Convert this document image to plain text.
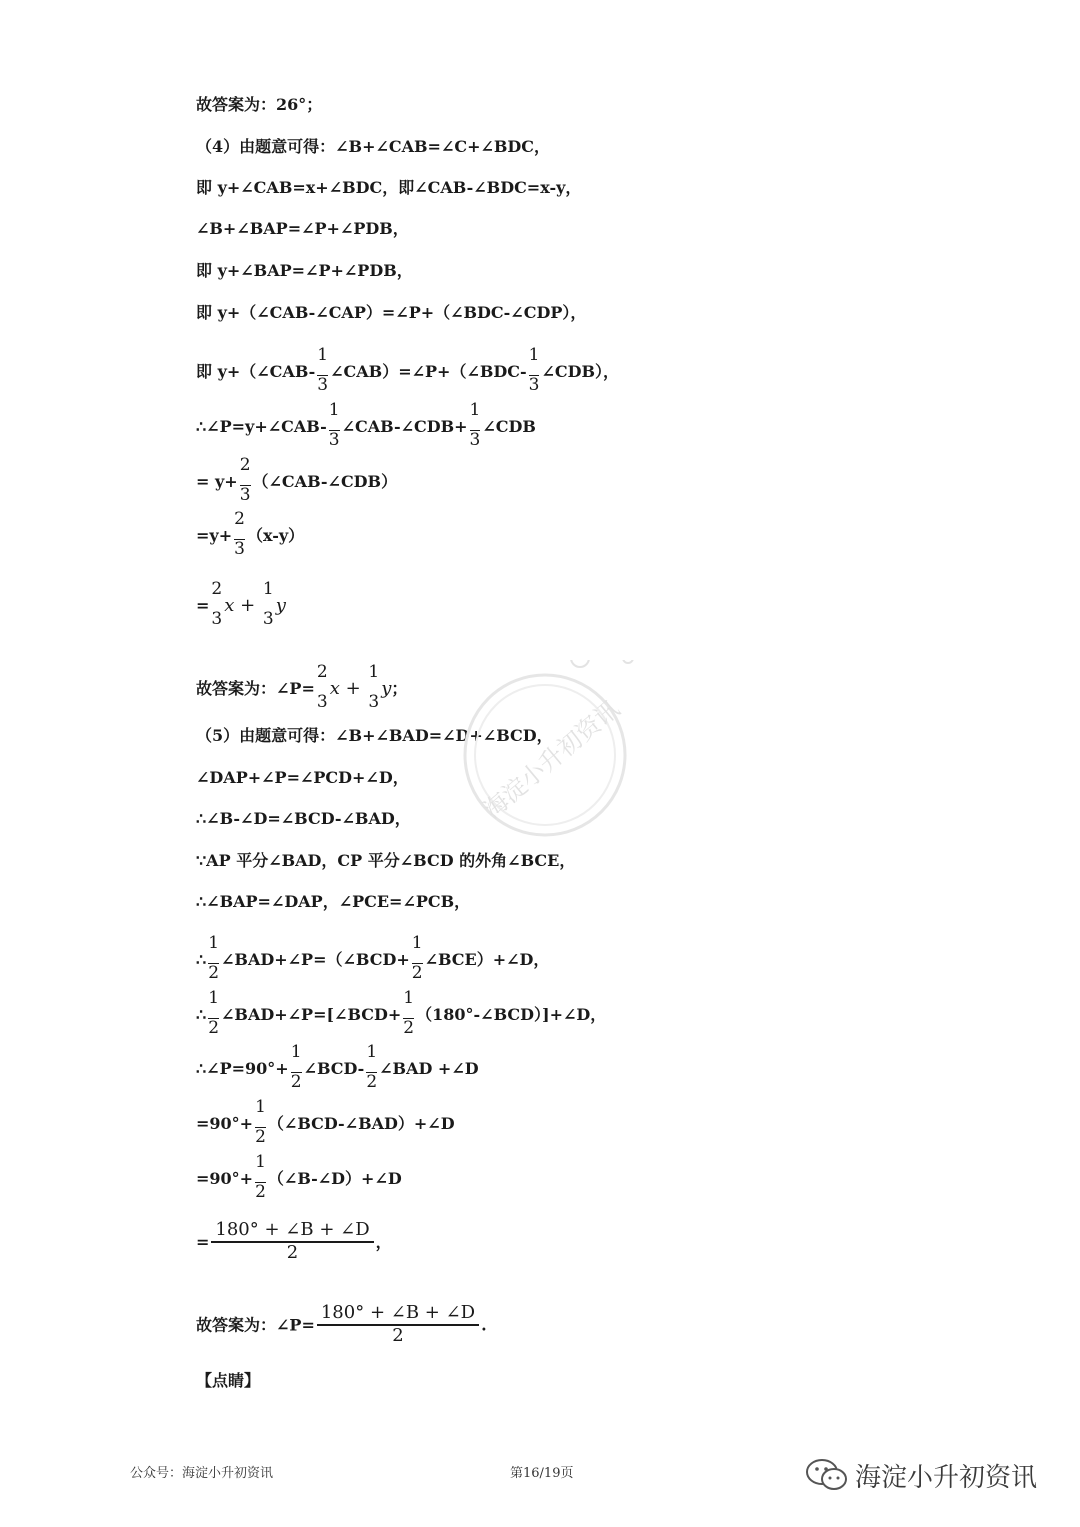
故答案为：26°；
（4）由题意可得：∠B+∠CAB=∠C+∠BDC，
即 y+∠CAB=x+∠BDC，即∠CAB-∠BDC=x-y，
∠B+∠BAP=∠P+∠PDB，
即 y+∠BAP=∠P+∠PDB，
即 y+（∠CAB-∠CAP）=∠P+（∠BDC-∠CDP），
即 y+（∠CAB- $\frac{1}{3}$ ∠CAB）=∠P+（∠BDC- $\frac{1}{3}$ ∠CDB），
∴∠P=y+∠CAB- $\frac{1}{3}$ ∠CAB-∠CDB+ $\frac{1}{3}$ ∠CDB
= $y+ \frac{2}{3}$ （∠CAB-∠CDB）
$=y+ \frac{2}{3} (x-y)$
=
2
3
x +
1
3
y
故答案为：∠P=
2
3
x +
1
3
y；
（5）由题意可得：∠B+∠BAD=∠D+∠BCD，
∠DAP+∠P=∠PCD+∠D，
∴∠B-∠D=∠BCD-∠BAD，
∵AP 平分∠BAD，CP 平分∠BCD 的外角∠BCE，
∴∠BAP=∠DAP，∠PCE=∠PCB，
∴ $\frac{1}{2}$ ∠BAD+∠P=（∠BCD+ $\frac{1}{2}$ ∠BCE）+∠D，
∴ $\frac{1}{2}$ ∠BAD+∠P=[∠BCD+ $\frac{1}{2}$ （180°-∠BCD）]+∠D，
∴∠P=90°+ $\frac{1}{2}$ ∠BCD- $\frac{1}{2}$ ∠BAD +∠D
$=90^\circ+ \frac{1}{2}$ （∠BCD-∠BAD）+∠D
$=90^\circ+ \frac{1}{2}$ （∠B-∠D）+∠D
= $\frac{180^\circ + \angle B + \angle D}{2}$ ，
故答案为：∠P= $\frac{180^\circ + \angle B + \angle D}{2}$ .
【点睛】
海淀小升初资讯
公众号：海淀小升初资讯	第16/19页	海淀小升初资讯
